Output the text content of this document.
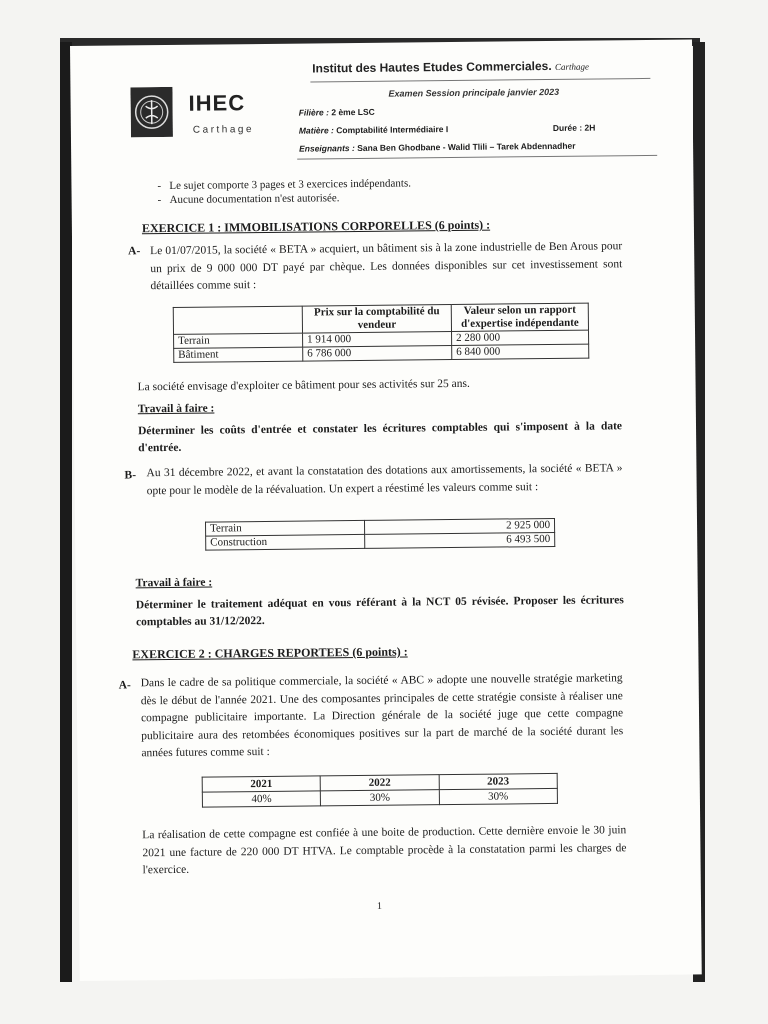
IHEC
Carthage
Institut des Hautes Etudes Commerciales. Carthage
Examen Session principale janvier 2023
Filière : 2 ème LSC
Matière : Comptabilité Intermédiaire I	Durée : 2H
Enseignants : Sana Ben Ghodbane - Walid Tlili – Tarek Abdennadher
-   Le sujet comporte 3 pages et 3 exercices indépendants.
-   Aucune documentation n'est autorisée.
EXERCICE 1 : IMMOBILISATIONS CORPORELLES (6 points) :
A- Le 01/07/2015, la société « BETA » acquiert, un bâtiment sis à la zone industrielle de Ben Arous pour un prix de 9 000 000 DT payé par chèque. Les données disponibles sur cet investissement sont détaillées comme suit :
	Prix sur la comptabilité du vendeur	Valeur selon un rapport d'expertise indépendante
Terrain	1 914 000	2 280 000
Bâtiment	6 786 000	6 840 000
La société envisage d'exploiter ce bâtiment pour ses activités sur 25 ans.
Travail à faire :
Déterminer les coûts d'entrée et constater les écritures comptables qui s'imposent à la date d'entrée.
B- Au 31 décembre 2022, et avant la constatation des dotations aux amortissements, la société « BETA » opte pour le modèle de la réévaluation. Un expert a réestimé les valeurs comme suit :
Terrain	2 925 000
Construction	6 493 500
Travail à faire :
Déterminer le traitement adéquat en vous référant à la NCT 05 révisée. Proposer les écritures comptables au 31/12/2022.
EXERCICE 2 : CHARGES REPORTEES (6 points) :
A- Dans le cadre de sa politique commerciale, la société « ABC » adopte une nouvelle stratégie marketing dès le début de l'année 2021. Une des composantes principales de cette stratégie consiste à réaliser une compagne publicitaire importante. La Direction générale de la société juge que cette compagne publicitaire aura des retombées économiques positives sur la part de marché de la société durant les années futures comme suit :
2021	2022	2023
40%	30%	30%
La réalisation de cette compagne est confiée à une boite de production. Cette dernière envoie le 30 juin 2021 une facture de 220 000 DT HTVA. Le comptable procède à la constatation parmi les charges de l'exercice.
1
